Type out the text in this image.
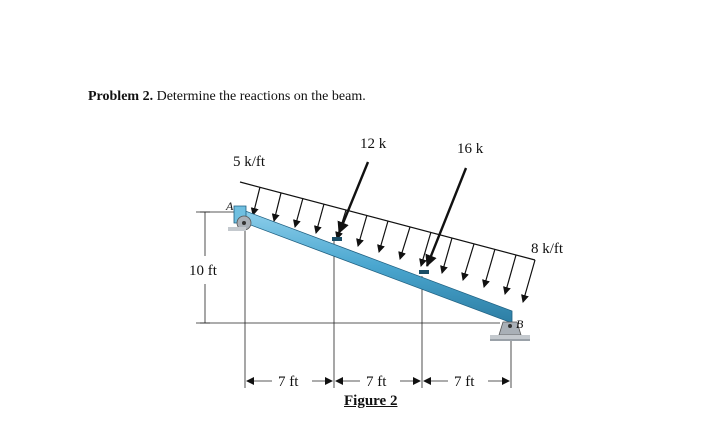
Problem 2. Determine the reactions on the beam.
5 k/ft
8 k/ft
12 k	16 k
10 ft
7 ft	7 ft	7 ft
A
B
Figure 2
